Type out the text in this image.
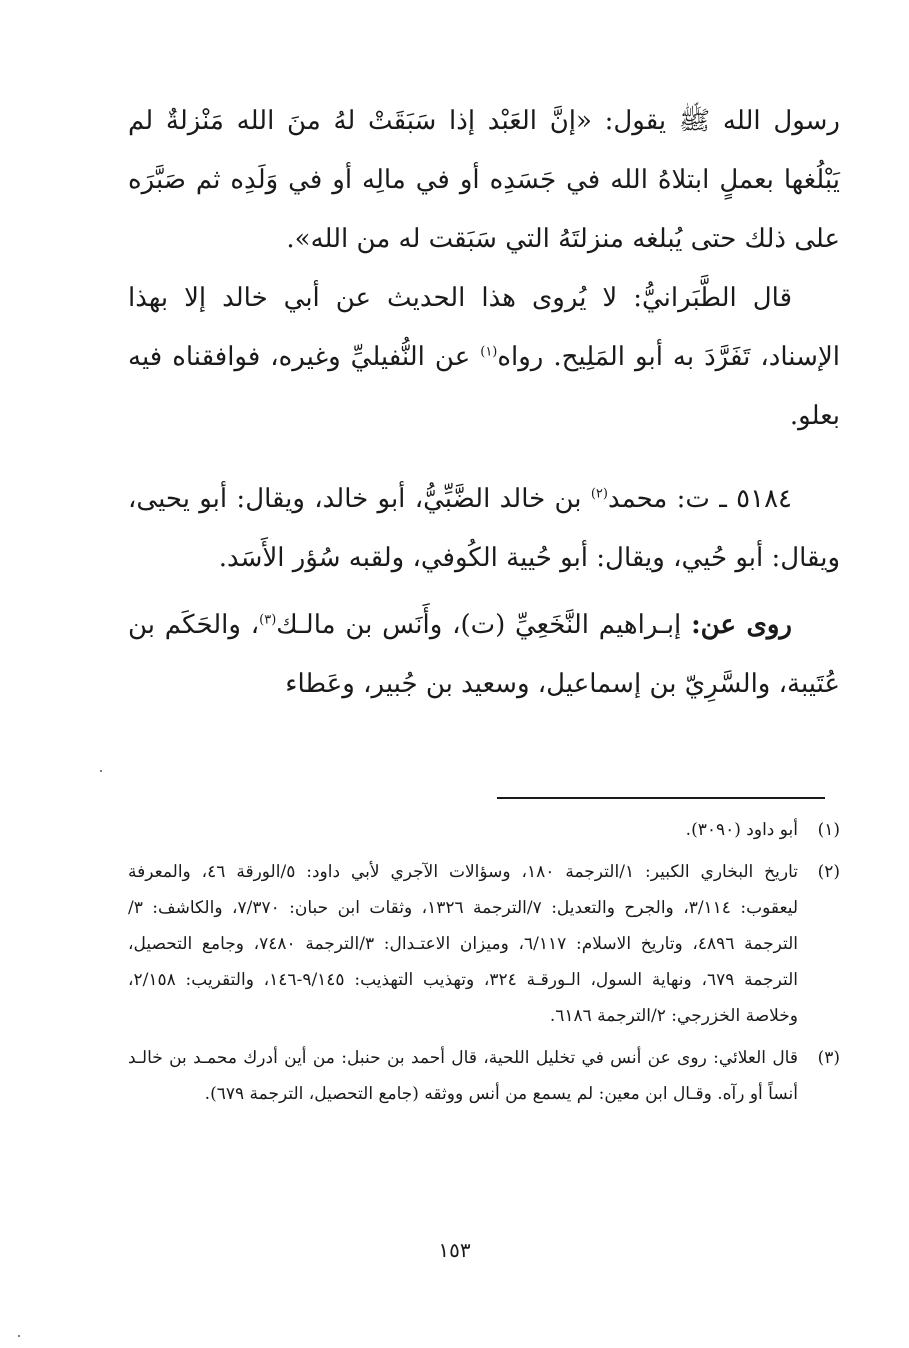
رسول الله ﷺ يقول: «إنَّ العَبْد إذا سَبَقَتْ لهُ منَ الله مَنْزلةٌ لم يَبْلُغها بعملٍ ابتلاهُ الله في جَسَدِه أو في مالِه أو في وَلَدِه ثم صَبَّرَه على ذلك حتى يُبلغه منزلتَهُ التي سَبَقت له من الله».

قال الطَّبَرانيُّ: لا يُروى هذا الحديث عن أبي خالد إلا بهذا الإسناد، تَفَرَّدَ به أبو المَلِيح. رواه$^{(١)}$ عن النُّفيليِّ وغيره، فوافقناه فيه بعلو.

٥١٨٤ ـ ت: محمد$^{(٢)}$ بن خالد الضَّبِّيُّ، أبو خالد، ويقال: أبو يحيى، ويقال: أبو حُيي، ويقال: أبو حُيية الكُوفي، ولقبه سُؤر الأَسَد.

روى عن: إبـراهيم النَّخَعِيِّ (ت)، وأَنَس بن مالـك$^{(٣)}$، والحَكَم بن عُتَيبة، والسَّرِيّ بن إسماعيل، وسعيد بن جُبير، وعَطاء

(١)
أبو داود (٣٠٩٠).
(٢)
تاريخ البخاري الكبير: ١/الترجمة ١٨٠، وسؤالات الآجري لأبي داود: ٥/الورقة ٤٦، والمعرفة ليعقوب: ٣/١١٤، والجرح والتعديل: ٧/الترجمة ١٣٢٦، وثقات ابن حبان: ٧/٣٧٠، والكاشف: ٣/الترجمة ٤٨٩٦، وتاريخ الاسلام: ٦/١١٧، وميزان الاعتـدال: ٣/الترجمة ٧٤٨٠، وجامع التحصيل، الترجمة ٦٧٩، ونهاية السول، الـورقـة ٣٢٤، وتهذيب التهذيب: ٩/١٤٥-١٤٦، والتقريب: ٢/١٥٨، وخلاصة الخزرجي: ٢/الترجمة ٦١٨٦.
(٣)
قال العلائي: روى عن أنس في تخليل اللحية، قال أحمد بن حنبل: من أين أدرك محمـد بن خالـد أنساً أو رآه. وقـال ابن معين: لم يسمع من أنس ووثقه (جامع التحصيل، الترجمة ٦٧٩).
١٥٣
